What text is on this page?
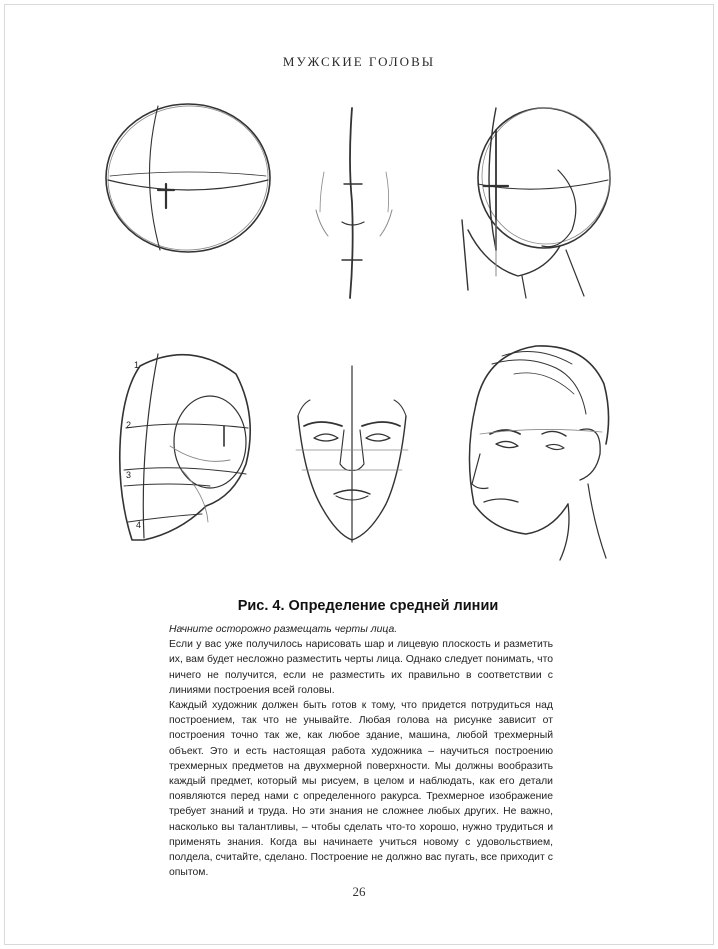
МУЖСКИЕ ГОЛОВЫ
1
2
3
4
Рис. 4. Определение средней линии

Начните осторожно размещать черты лица.

Если у вас уже получилось нарисовать шар и лицевую плоскость и разметить их, вам будет несложно разместить черты лица. Однако следует понимать, что ничего не получится, если не разместить их правильно в соответствии с линиями построения всей головы.

Каждый художник должен быть готов к тому, что придется потрудиться над построением, так что не унывайте. Любая голова на рисунке зависит от построения точно так же, как любое здание, машина, любой трехмерный объект. Это и есть настоящая работа художника – научиться построению трехмерных предметов на двухмерной поверхности. Мы должны вообразить каждый предмет, который мы рисуем, в целом и наблюдать, как его детали появляются перед нами с определенного ракурса. Трехмерное изображение требует знаний и труда. Но эти знания не сложнее любых других. Не важно, насколько вы талантливы, – чтобы сделать что-то хорошо, нужно трудиться и применять знания. Когда вы начинаете учиться новому с удовольствием, полдела, считайте, сделано. Построение не должно вас пугать, все приходит с опытом.

26
